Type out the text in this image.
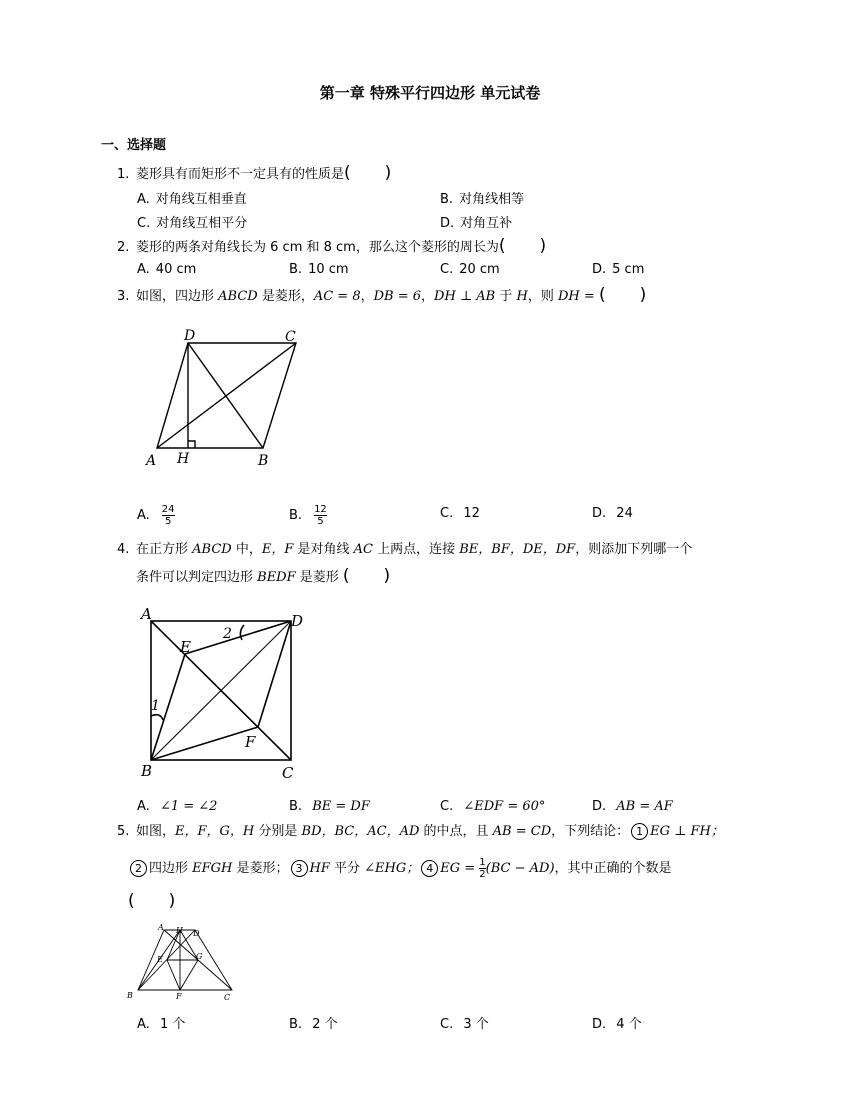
第一章 特殊平行四边形 单元试卷
一、选择题
1. 菱形具有而矩形不一定具有的性质是(　　)
A. 对角线互相垂直	B. 对角线相等
C. 对角线互相平分	D. 对角互补
2. 菱形的两条对角线长为 6 cm 和 8 cm，那么这个菱形的周长为(　　)
A. 40 cm	B. 10 cm	C. 20 cm	D. 5 cm
3. 如图，四边形 ABCD 是菱形，AC = 8，DB = 6，DH ⊥ AB 于 H，则 DH = (　　)
D	C
A H	B
A. $\frac{24}{5}$	B. $\frac{12}{5}$	C. 12	D. 24
4. 在正方形 ABCD 中，E，F 是对角线 AC 上两点，连接 BE，BF，DE，DF，则添加下列哪一个
条件可以判定四边形 BEDF 是菱形 (　　)
A	D
E
F
B	C
2
1
A. ∠1 = ∠2	B. BE = DF	C. ∠EDF = 60°	D. AB = AF
5. 如图，E，F，G，H 分别是 BD，BC，AC，AD 的中点，且 AB = CD，下列结论： 1 EG ⊥ FH；
2 四边形 EFGH 是菱形； 3 HF 平分 ∠EHG； 4 EG = $\frac{1}{2} (BC - AD)$，其中正确的个数是
(　　)
A H D
E	G
B	F	C
A. 1 个	B. 2 个	C. 3 个	D. 4 个
